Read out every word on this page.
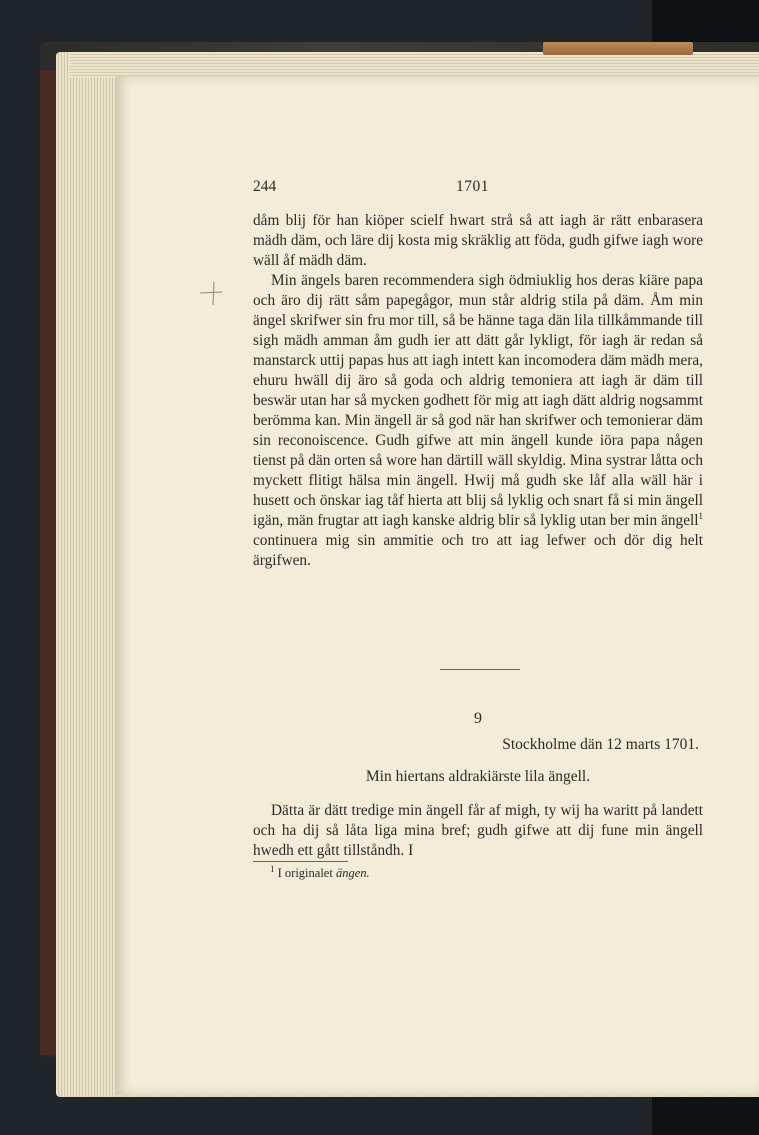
244	1701

dåm blij för han kiöper scielf hwart strå så att iagh är rätt enbarasera mädh däm, och läre dij kosta mig skräklig att föda, gudh gifwe iagh wore wäll åf mädh däm.

Min ängels baren recommendera sigh ödmiuklig hos deras kiäre papa och äro dij rätt såm papegågor, mun står aldrig stila på däm. Åm min ängel skrifwer sin fru mor till, så be hänne taga dän lila tillkåmmande till sigh mädh amman åm gudh ier att dätt går lykligt, för iagh är redan så manstarck uttij papas hus att iagh intett kan incomodera däm mädh mera, ehuru hwäll dij äro så goda och aldrig temoniera att iagh är däm till beswär utan har så mycken godhett för mig att iagh dätt aldrig nogsammt berömma kan. Min ängell är så god när han skrifwer och temonierar däm sin reconoiscence. Gudh gifwe att min ängell kunde iöra papa någen tienst på dän orten så wore han därtill wäll skyldig. Mina systrar låtta och myckett flitigt hälsa min ängell. Hwij må gudh ske låf alla wäll här i husett och önskar iag tåf hierta att blij så lyklig och snart få si min ängell igän, män frugtar att iagh kanske aldrig blir så lyklig utan ber min ängell$^1$ continuera mig sin ammitie och tro att iag lefwer och dör dig helt ärgifwen.

9
Stockholme dän 12 marts 1701.
Min hiertans aldrakiärste lila ängell.

Dätta är dätt tredige min ängell får af migh, ty wij ha waritt på landett och ha dij så låta liga mina bref; gudh gifwe att dij fune min ängell hwedh ett gått tillståndh. I

$^1$ I originalet ängen.
